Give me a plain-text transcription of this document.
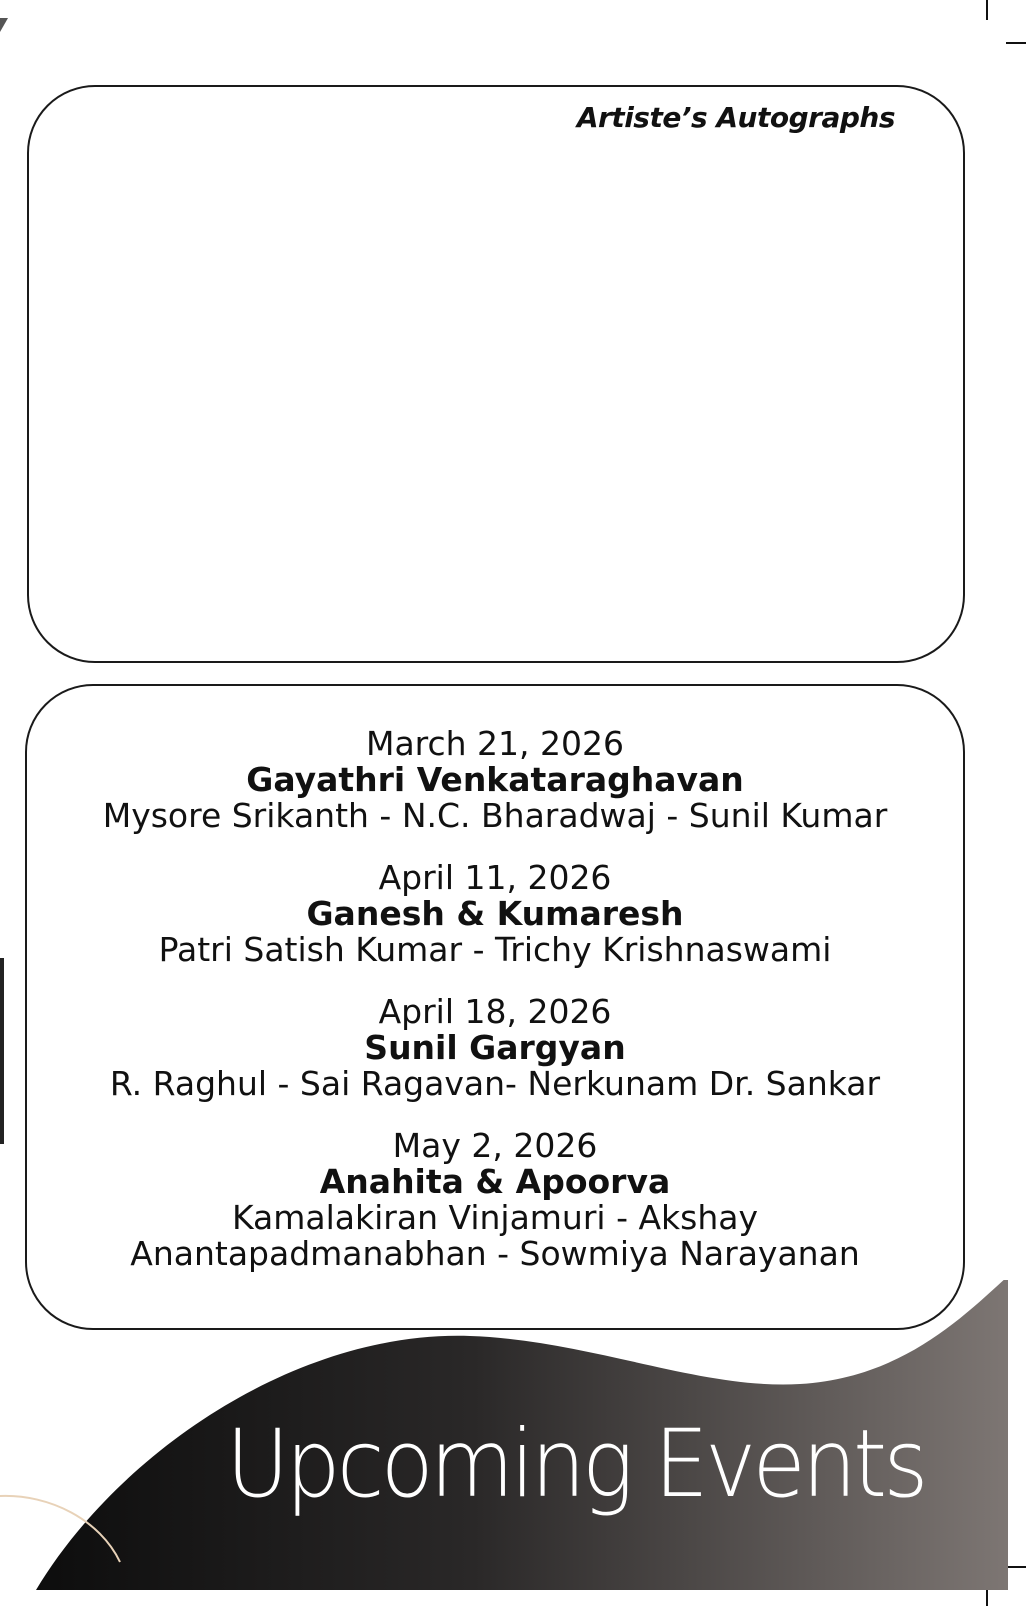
Artiste’s Autographs
March 21, 2026
Gayathri Venkataraghavan
Mysore Srikanth - N.C. Bharadwaj - Sunil Kumar
April 11, 2026
Ganesh & Kumaresh
Patri Satish Kumar - Trichy Krishnaswami
April 18, 2026
Sunil Gargyan
R. Raghul - Sai Ragavan- Nerkunam Dr. Sankar
May 2, 2026
Anahita & Apoorva
Kamalakiran Vinjamuri - Akshay Anantapadmanabhan - Sowmiya Narayanan
Upcoming Events
